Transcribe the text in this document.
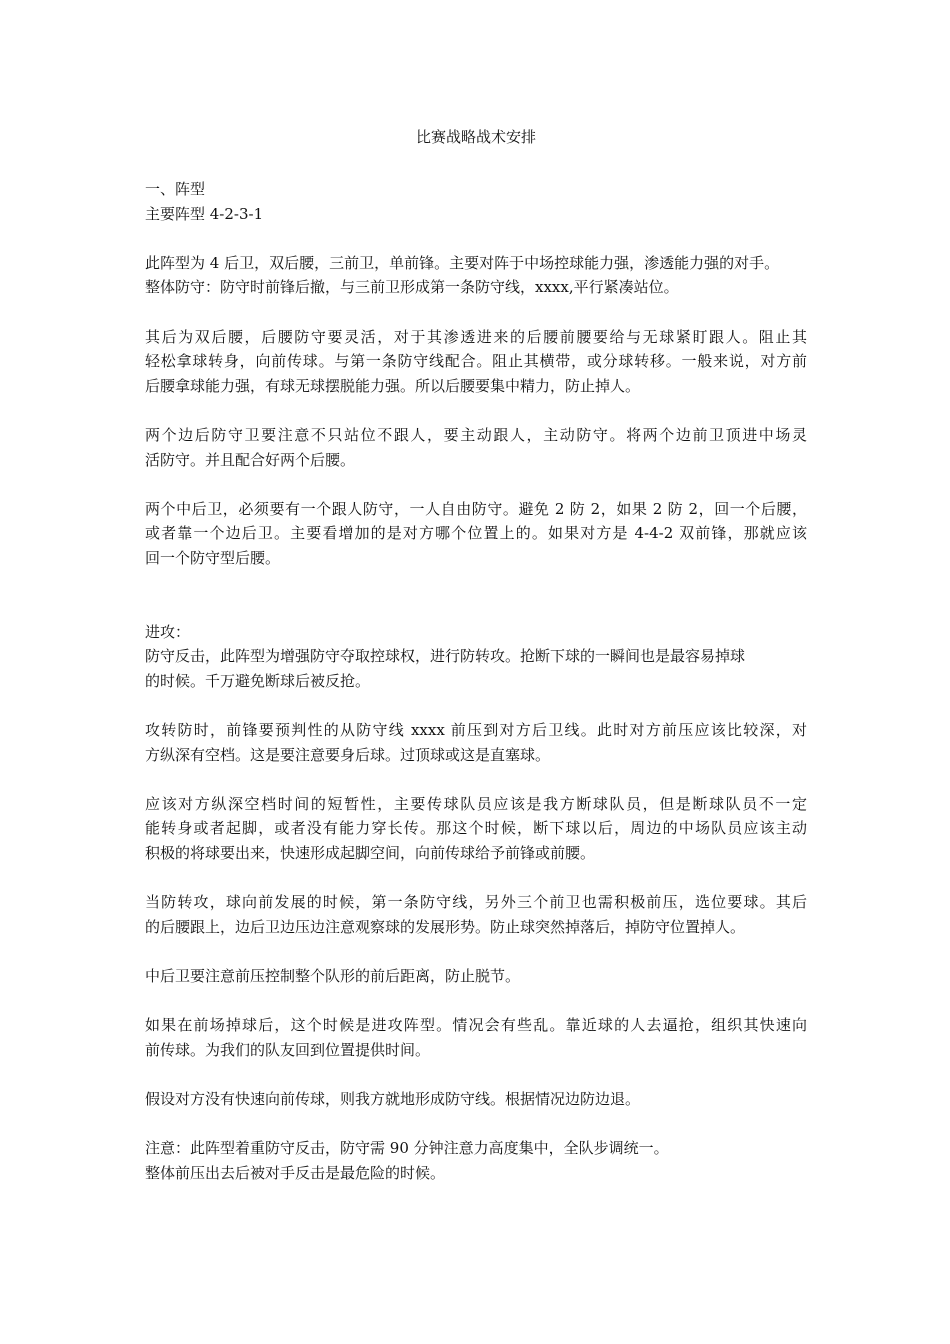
比赛战略战术安排
一、阵型
主要阵型 4-2-3-1
此阵型为 4 后卫，双后腰，三前卫，单前锋。主要对阵于中场控球能力强，渗透能力强的对手。
整体防守：防守时前锋后撤，与三前卫形成第一条防守线，xxxx,平行紧凑站位。
其后为双后腰，后腰防守要灵活，对于其渗透进来的后腰前腰要给与无球紧盯跟人。阻止其
轻松拿球转身，向前传球。与第一条防守线配合。阻止其横带，或分球转移。一般来说，对方前
后腰拿球能力强，有球无球摆脱能力强。所以后腰要集中精力，防止掉人。
两个边后防守卫要注意不只站位不跟人，要主动跟人，主动防守。将两个边前卫顶进中场灵
活防守。并且配合好两个后腰。
两个中后卫，必须要有一个跟人防守，一人自由防守。避免 2 防 2，如果 2 防 2，回一个后腰，
或者靠一个边后卫。主要看增加的是对方哪个位置上的。如果对方是 4-4-2 双前锋，那就应该
回一个防守型后腰。
进攻：
防守反击，此阵型为增强防守夺取控球权，进行防转攻。抢断下球的一瞬间也是最容易掉球
的时候。千万避免断球后被反抢。
攻转防时，前锋要预判性的从防守线 xxxx 前压到对方后卫线。此时对方前压应该比较深，对
方纵深有空档。这是要注意要身后球。过顶球或这是直塞球。
应该对方纵深空档时间的短暂性，主要传球队员应该是我方断球队员，但是断球队员不一定
能转身或者起脚，或者没有能力穿长传。那这个时候，断下球以后，周边的中场队员应该主动
积极的将球要出来，快速形成起脚空间，向前传球给予前锋或前腰。
当防转攻，球向前发展的时候，第一条防守线，另外三个前卫也需积极前压，选位要球。其后
的后腰跟上，边后卫边压边注意观察球的发展形势。防止球突然掉落后，掉防守位置掉人。
中后卫要注意前压控制整个队形的前后距离，防止脱节。
如果在前场掉球后，这个时候是进攻阵型。情况会有些乱。靠近球的人去逼抢，组织其快速向
前传球。为我们的队友回到位置提供时间。
假设对方没有快速向前传球，则我方就地形成防守线。根据情况边防边退。
注意：此阵型着重防守反击，防守需 90 分钟注意力高度集中，全队步调统一。
整体前压出去后被对手反击是最危险的时候。
